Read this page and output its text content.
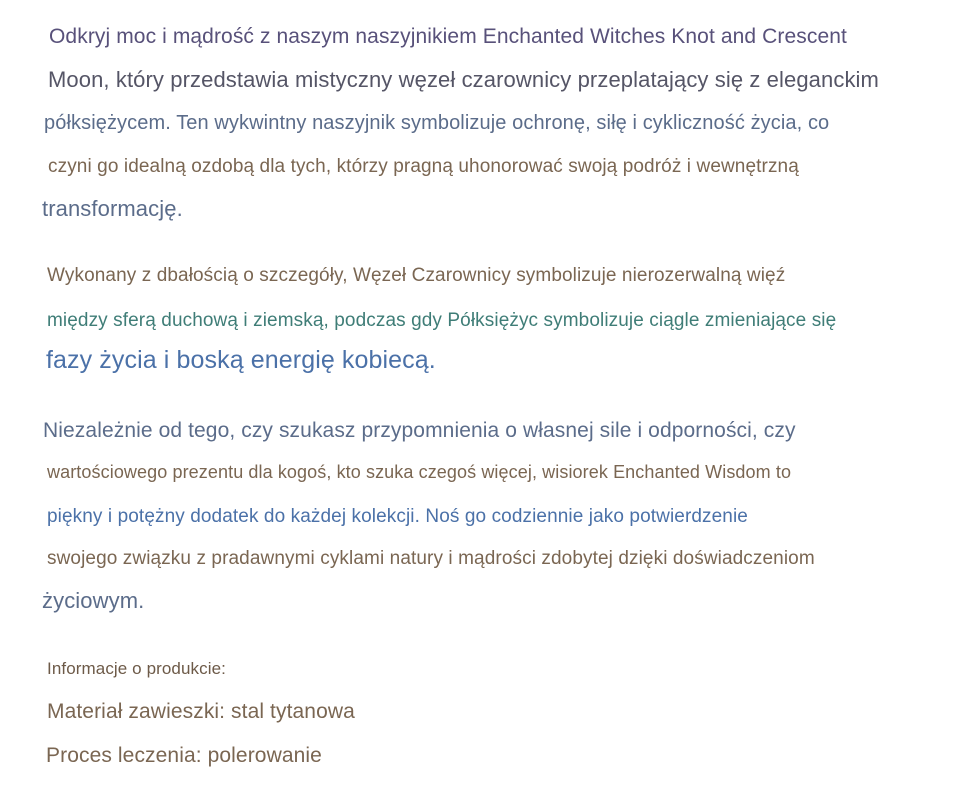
Odkryj moc i mądrość z naszym naszyjnikiem Enchanted Witches Knot and Crescent

Moon, który przedstawia mistyczny węzeł czarownicy przeplatający się z eleganckim

półksiężycem. Ten wykwintny naszyjnik symbolizuje ochronę, siłę i cykliczność życia, co

czyni go idealną ozdobą dla tych, którzy pragną uhonorować swoją podróż i wewnętrzną

transformację.

Wykonany z dbałością o szczegóły, Węzeł Czarownicy symbolizuje nierozerwalną więź

między sferą duchową i ziemską, podczas gdy Półksiężyc symbolizuje ciągle zmieniające się

fazy życia i boską energię kobiecą.

Niezależnie od tego, czy szukasz przypomnienia o własnej sile i odporności, czy

wartościowego prezentu dla kogoś, kto szuka czegoś więcej, wisiorek Enchanted Wisdom to

piękny i potężny dodatek do każdej kolekcji. Noś go codziennie jako potwierdzenie

swojego związku z pradawnymi cyklami natury i mądrości zdobytej dzięki doświadczeniom

życiowym.

Informacje o produkcie:

Materiał zawieszki: stal tytanowa

Proces leczenia: polerowanie
